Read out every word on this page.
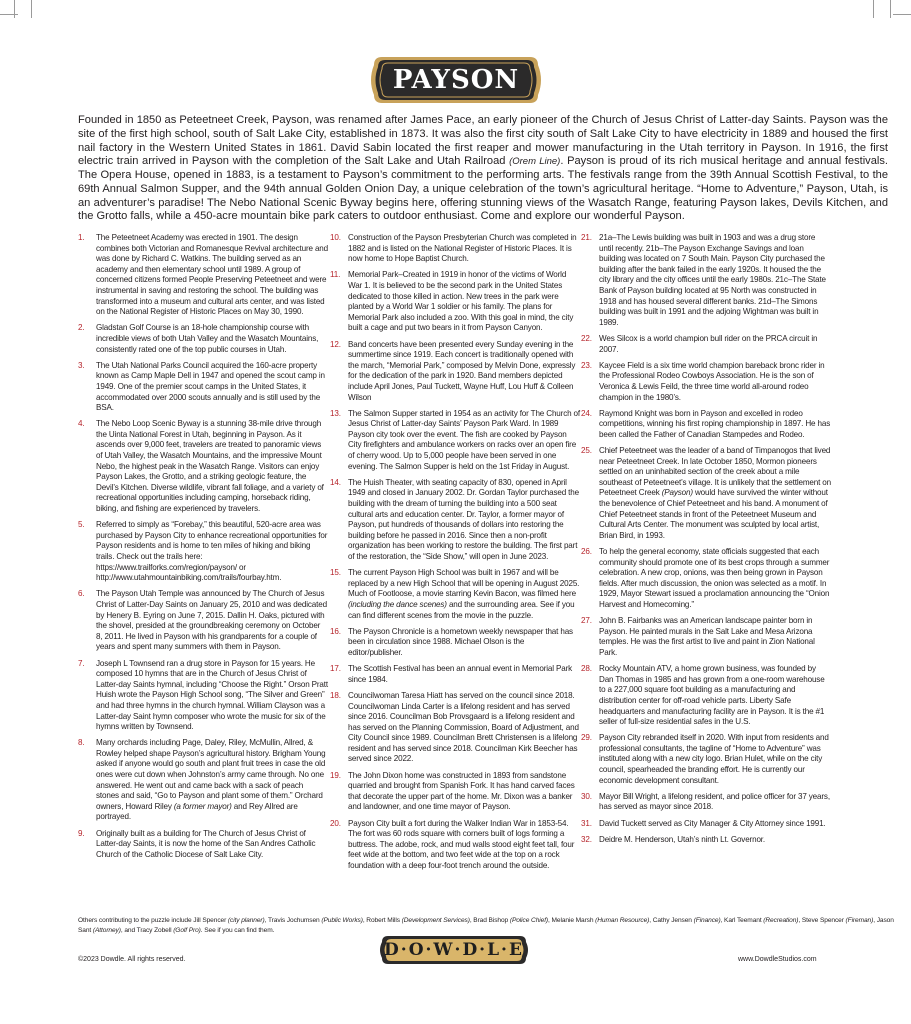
PAYSON

Founded in 1850 as Peteetneet Creek, Payson, was renamed after James Pace, an early pioneer of the Church of Jesus Christ of Latter-day Saints. Payson was the site of the first high school, south of Salt Lake City, established in 1873. It was also the first city south of Salt Lake City to have electricity in 1889 and housed the first nail factory in the Western United States in 1861. David Sabin located the first reaper and mower manufacturing in the Utah territory in Payson. In 1916, the first electric train arrived in Payson with the completion of the Salt Lake and Utah Railroad (Orem Line). Payson is proud of its rich musical heritage and annual festivals. The Opera House, opened in 1883, is a testament to Payson’s commitment to the performing arts. The festivals range from the 39th Annual Scottish Festival, to the 69th Annual Salmon Supper, and the 94th annual Golden Onion Day, a unique celebration of the town’s agricultural heritage. “Home to Adventure,” Payson, Utah, is an adventurer’s paradise! The Nebo National Scenic Byway begins here, offering stunning views of the Wasatch Range, featuring Payson lakes, Devils Kitchen, and the Grotto falls, while a 450-acre mountain bike park caters to outdoor enthusiast. Come and explore our wonderful Payson.

1. The Peteetneet Academy was erected in 1901. The design combines both Victorian and Romanesque Revival architecture and was done by Richard C. Watkins. The building served as an academy and then elementary school until 1989. A group of concerned citizens formed People Preserving Peteetneet and were instrumental in saving and restoring the school. The building was transformed into a museum and cultural arts center, and was listed on the National Register of Historic Places on May 30, 1990.
2. Gladstan Golf Course is an 18-hole championship course with incredible views of both Utah Valley and the Wasatch Mountains, consistently rated one of the top public courses in Utah.
3. The Utah National Parks Council acquired the 160-acre property known as Camp Maple Dell in 1947 and opened the scout camp in 1949. One of the premier scout camps in the United States, it accommodated over 2000 scouts annually and is still used by the BSA.
4. The Nebo Loop Scenic Byway is a stunning 38-mile drive through the Uinta National Forest in Utah, beginning in Payson. As it ascends over 9,000 feet, travelers are treated to panoramic views of Utah Valley, the Wasatch Mountains, and the impressive Mount Nebo, the highest peak in the Wasatch Range. Visitors can enjoy Payson Lakes, the Grotto, and a striking geologic feature, the Devil’s Kitchen. Diverse wildlife, vibrant fall foliage, and a variety of recreational opportunities including camping, horseback riding, biking, and fishing are experienced by travelers.
5. Referred to simply as “Forebay,” this beautiful, 520-acre area was purchased by Payson City to enhance recreational opportunities for Payson residents and is home to ten miles of hiking and biking trails. Check out the trails here: https://www.trailforks.com/region/payson/ or http://www.utahmountainbiking.com/trails/fourbay.htm.
6. The Payson Utah Temple was announced by The Church of Jesus Christ of Latter-Day Saints on January 25, 2010 and was dedicated by Henery B. Eyring on June 7, 2015. Dallin H. Oaks, pictured with the shovel, presided at the groundbreaking ceremony on October 8, 2011. He lived in Payson with his grandparents for a couple of years and spent many summers with them in Payson.
7. Joseph L Townsend ran a drug store in Payson for 15 years. He composed 10 hymns that are in the Church of Jesus Christ of Latter-day Saints hymnal, including “Choose the Right.” Orson Pratt Huish wrote the Payson High School song, “The Silver and Green” and had three hymns in the church hymnal. William Clayson was a Latter-day Saint hymn composer who wrote the music for six of the hymns written by Townsend.
8. Many orchards including Page, Daley, Riley, McMullin, Allred, & Rowley helped shape Payson’s agricultural history. Brigham Young asked if anyone would go south and plant fruit trees in case the old ones were cut down when Johnston’s army came through. No one answered. He went out and came back with a sack of peach stones and said, “Go to Payson and plant some of them.” Orchard owners, Howard Riley (a former mayor) and Rey Allred are portrayed.
9. Originally built as a building for The Church of Jesus Christ of Latter-day Saints, it is now the home of the San Andres Catholic Church of the Catholic Diocese of Salt Lake City.
10. Construction of the Payson Presbyterian Church was completed in 1882 and is listed on the National Register of Historic Places. It is now home to Hope Baptist Church.
11. Memorial Park–Created in 1919 in honor of the victims of World War 1. It is believed to be the second park in the United States dedicated to those killed in action. New trees in the park were planted by a World War 1 soldier or his family. The plans for Memorial Park also included a zoo. With this goal in mind, the city built a cage and put two bears in it from Payson Canyon.
12. Band concerts have been presented every Sunday evening in the summertime since 1919. Each concert is traditionally opened with the march, “Memorial Park,” composed by Melvin Done, expressly for the dedication of the park in 1920. Band members depicted include April Jones, Paul Tuckett, Wayne Huff, Lou Huff & Colleen Wilson
13. The Salmon Supper started in 1954 as an activity for The Church of Jesus Christ of Latter-day Saints’ Payson Park Ward. In 1989 Payson city took over the event. The fish are cooked by Payson City firefighters and ambulance workers on racks over an open fire of cherry wood. Up to 5,000 people have been served in one evening. The Salmon Supper is held on the 1st Friday in August.
14. The Huish Theater, with seating capacity of 830, opened in April 1949 and closed in January 2002. Dr. Gordan Taylor purchased the building with the dream of turning the building into a 500 seat cultural arts and education center. Dr. Taylor, a former mayor of Payson, put hundreds of thousands of dollars into restoring the building before he passed in 2016. Since then a non-profit organization has been working to restore the building. The first part of the restoration, the “Side Show,” will open in June 2023.
15. The current Payson High School was built in 1967 and will be replaced by a new High School that will be opening in August 2025. Much of Footloose, a movie starring Kevin Bacon, was filmed here (including the dance scenes) and the surrounding area. See if you can find different scenes from the movie in the puzzle.
16. The Payson Chronicle is a hometown weekly newspaper that has been in circulation since 1988. Michael Olson is the editor/publisher.
17. The Scottish Festival has been an annual event in Memorial Park since 1984.
18. Councilwoman Taresa Hiatt has served on the council since 2018. Councilwoman Linda Carter is a lifelong resident and has served since 2016. Councilman Bob Provsgaard is a lifelong resident and has served on the Planning Commission, Board of Adjustment, and City Council since 1989. Councilman Brett Christensen is a lifelong resident and has served since 2018. Councilman Kirk Beecher has served since 2022.
19. The John Dixon home was constructed in 1893 from sandstone quarried and brought from Spanish Fork. It has hand carved faces that decorate the upper part of the home. Mr. Dixon was a banker and landowner, and one time mayor of Payson.
20. Payson City built a fort during the Walker Indian War in 1853-54. The fort was 60 rods square with corners built of logs forming a buttress. The adobe, rock, and mud walls stood eight feet tall, four feet wide at the bottom, and two feet wide at the top on a rock foundation with a deep four-foot trench around the outside.
21. 21a–The Lewis building was built in 1903 and was a drug store until recently. 21b–The Payson Exchange Savings and loan building was located on 7 South Main. Payson City purchased the building after the bank failed in the early 1920s. It housed the the city library and the city offices until the early 1980s. 21c–The State Bank of Payson building located at 95 North was constructed in 1918 and has housed several different banks. 21d–The Simons building was built in 1991 and the adjoing Wightman was built in 1989.
22. Wes Silcox is a world champion bull rider on the PRCA circuit in 2007.
23. Kaycee Field is a six time world champion bareback bronc rider in the Professional Rodeo Cowboys Association. He is the son of Veronica & Lewis Feild, the three time world all-around rodeo champion in the 1980’s.
24. Raymond Knight was born in Payson and excelled in rodeo competitions, winning his first roping championship in 1897. He has been called the Father of Canadian Stampedes and Rodeo.
25. Chief Peteetneet was the leader of a band of Timpanogos that lived near Peteetneet Creek. In late October 1850, Mormon pioneers settled on an uninhabited section of the creek about a mile southeast of Peteetneet’s village. It is unlikely that the settlement on Peteetneet Creek (Payson) would have survived the winter without the benevolence of Chief Peteetneet and his band. A monument of Chief Peteetneet stands in front of the Peteetneet Museum and Cultural Arts Center. The monument was sculpted by local artist, Brian Bird, in 1993.
26. To help the general economy, state officials suggested that each community should promote one of its best crops through a summer celebration. A new crop, onions, was then being grown in Payson fields. After much discussion, the onion was selected as a motif. In 1929, Mayor Stewart issued a proclamation announcing the “Onion Harvest and Homecoming.”
27. John B. Fairbanks was an American landscape painter born in Payson. He painted murals in the Salt Lake and Mesa Arizona temples. He was the first artist to live and paint in Zion National Park.
28. Rocky Mountain ATV, a home grown business, was founded by Dan Thomas in 1985 and has grown from a one-room warehouse to a 227,000 square foot building as a manufacturing and distribution center for off-road vehicle parts. Liberty Safe headquarters and manufacturing facility are in Payson. It is the #1 seller of full-size residential safes in the U.S.
29. Payson City rebranded itself in 2020. With input from residents and professional consultants, the tagline of “Home to Adventure” was instituted along with a new city logo. Brian Hulet, while on the city council, spearheaded the branding effort. He is currently our economic development consultant.
30. Mayor Bill Wright, a lifelong resident, and police officer for 37 years, has served as mayor since 2018.
31. David Tuckett served as City Manager & City Attorney since 1991.
32. Deidre M. Henderson, Utah’s ninth Lt. Governor.

Others contributing to the puzzle include Jill Spencer (city planner), Travis Jochumsen (Public Works), Robert Mills (Development Services), Brad Bishop (Police Chief), Melanie Marsh (Human Resource), Cathy Jensen (Finance), Karl Teemant (Recreation), Steve Spencer (Fireman), Jason Sant (Attorney), and Tracy Zobell (Golf Pro). See if you can find them.

D·O·W·D·L·E
©2023 Dowdle. All rights reserved.	www.DowdleStudios.com
